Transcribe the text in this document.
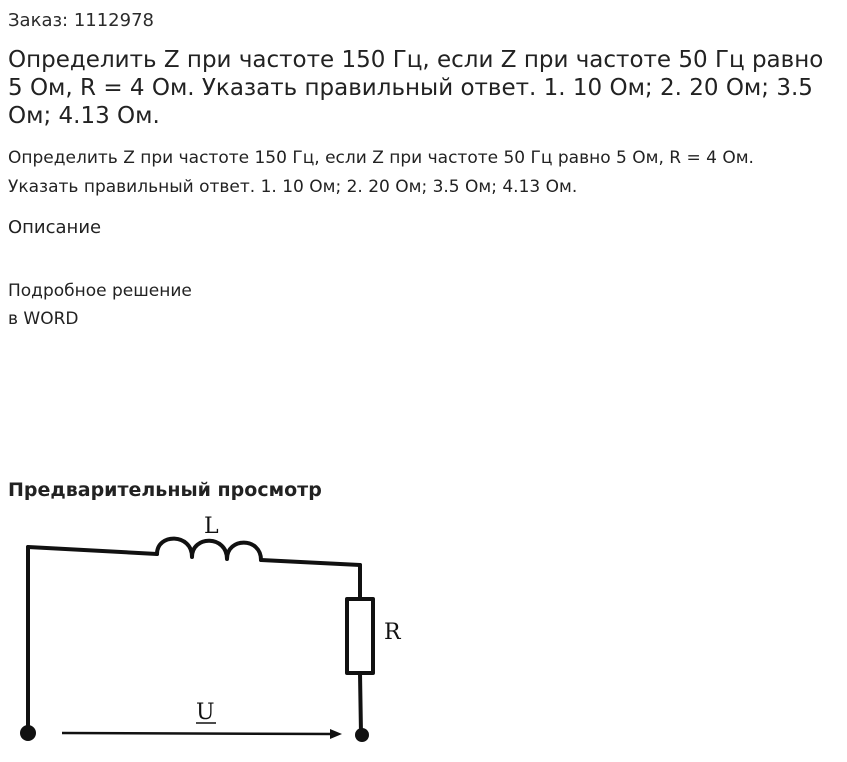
Заказ: 1112978
Определить Z при частоте 150 Гц, если Z при частоте 50 Гц равно 5 Ом, R = 4 Ом. Указать правильный ответ. 1. 10 Ом; 2. 20 Ом; 3.5 Ом; 4.13 Ом.

Определить Z при частоте 150 Гц, если Z при частоте 50 Гц равно 5 Ом, R = 4 Ом. Указать правильный ответ. 1. 10 Ом; 2. 20 Ом; 3.5 Ом; 4.13 Ом.

Описание
Подробное решение
в WORD
Предварительный просмотр
L
R
U
